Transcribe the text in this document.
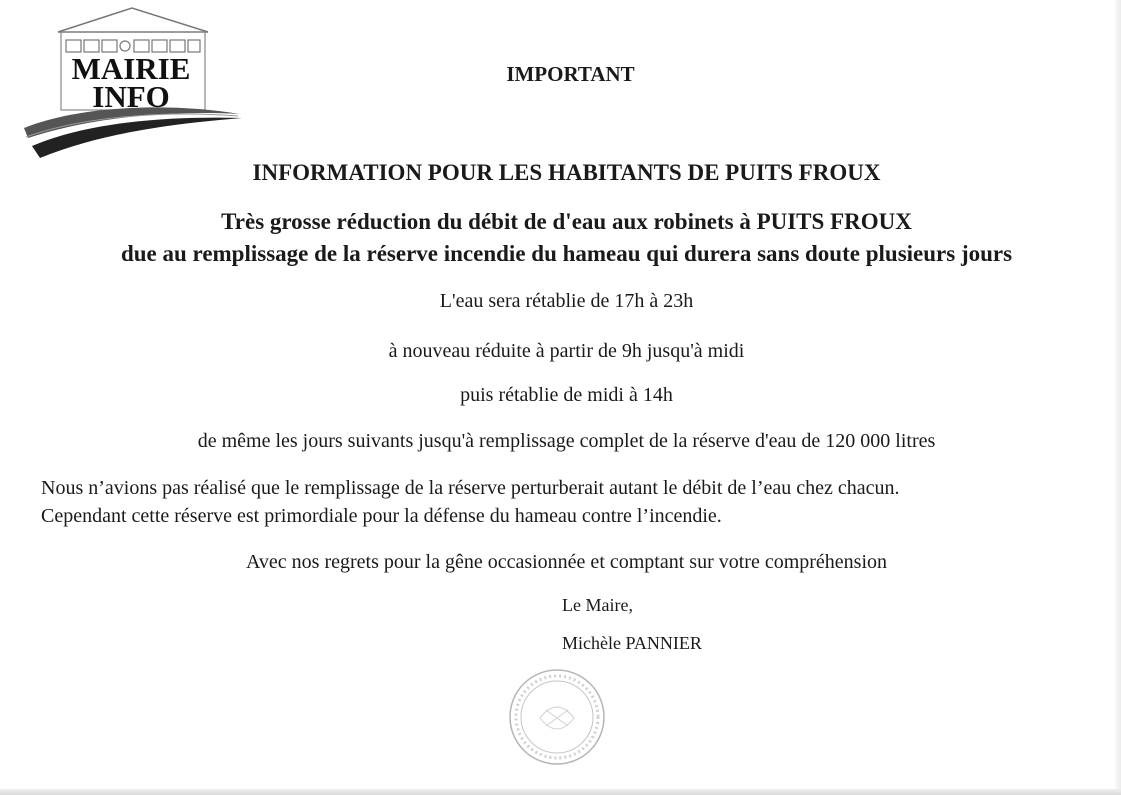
MAIRIE
INFO
IMPORTANT
INFORMATION POUR LES HABITANTS DE PUITS FROUX
Très grosse réduction du débit de d'eau aux robinets à PUITS FROUX
due au remplissage de la réserve incendie du hameau qui durera sans doute plusieurs jours
L'eau sera rétablie de 17h à 23h
à nouveau réduite à partir de 9h jusqu'à midi
puis rétablie de midi à 14h
de même les jours suivants jusqu'à remplissage complet de la réserve d'eau de 120 000 litres
Nous n’avions pas réalisé que le remplissage de la réserve perturberait autant le débit de l’eau chez chacun.
Cependant cette réserve est primordiale pour la défense du hameau contre l’incendie.
Avec nos regrets pour la gêne occasionnée et comptant sur votre compréhension
Le Maire,
Michèle PANNIER
